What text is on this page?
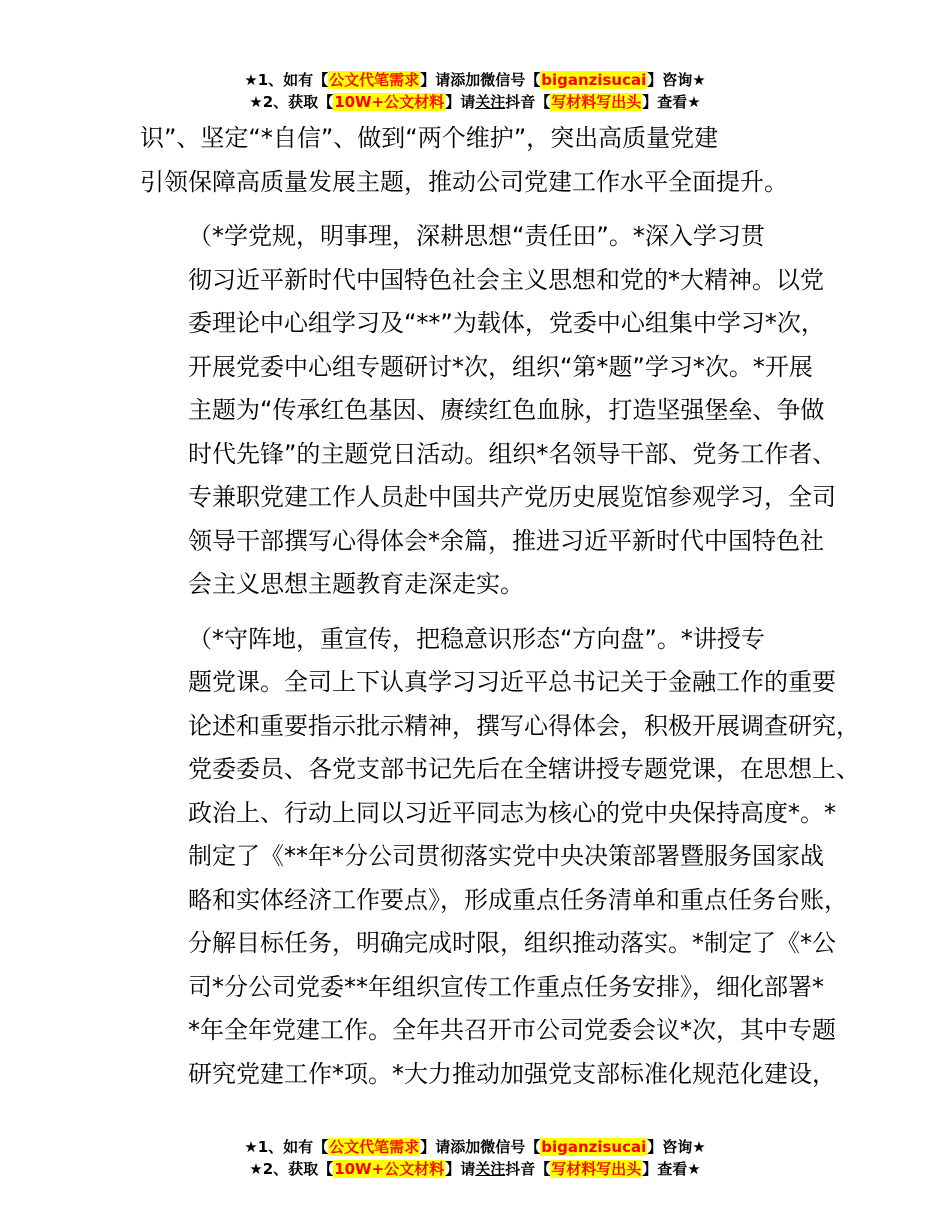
★1、如有【公文代笔需求】请添加微信号【biganzisucai】咨询★
★2、获取【10W+公文材料】请关注抖音【写材料写出头】查看★

识”、坚定“*自信”、做到“两个维护”，突出高质量党建
引领保障高质量发展主题，推动公司党建工作水平全面提升。

（*学党规，明事理，深耕思想“责任田”。*深入学习贯
彻习近平新时代中国特色社会主义思想和党的*大精神。以党
委理论中心组学习及“**”为载体，党委中心组集中学习*次，
开展党委中心组专题研讨*次，组织“第*题”学习*次。*开展
主题为“传承红色基因、赓续红色血脉，打造坚强堡垒、争做
时代先锋”的主题党日活动。组织*名领导干部、党务工作者、
专兼职党建工作人员赴中国共产党历史展览馆参观学习，全司
领导干部撰写心得体会*余篇，推进习近平新时代中国特色社
会主义思想主题教育走深走实。

（*守阵地，重宣传，把稳意识形态“方向盘”。*讲授专
题党课。全司上下认真学习习近平总书记关于金融工作的重要
论述和重要指示批示精神，撰写心得体会，积极开展调查研究，
党委委员、各党支部书记先后在全辖讲授专题党课，在思想上、
政治上、行动上同以习近平同志为核心的党中央保持高度*。*
制定了《**年*分公司贯彻落实党中央决策部署暨服务国家战
略和实体经济工作要点》，形成重点任务清单和重点任务台账，
分解目标任务，明确完成时限，组织推动落实。*制定了《*公
司*分公司党委**年组织宣传工作重点任务安排》，细化部署*
*年全年党建工作。全年共召开市公司党委会议*次，其中专题
研究党建工作*项。*大力推动加强党支部标准化规范化建设，

★1、如有【公文代笔需求】请添加微信号【biganzisucai】咨询★
★2、获取【10W+公文材料】请关注抖音【写材料写出头】查看★
